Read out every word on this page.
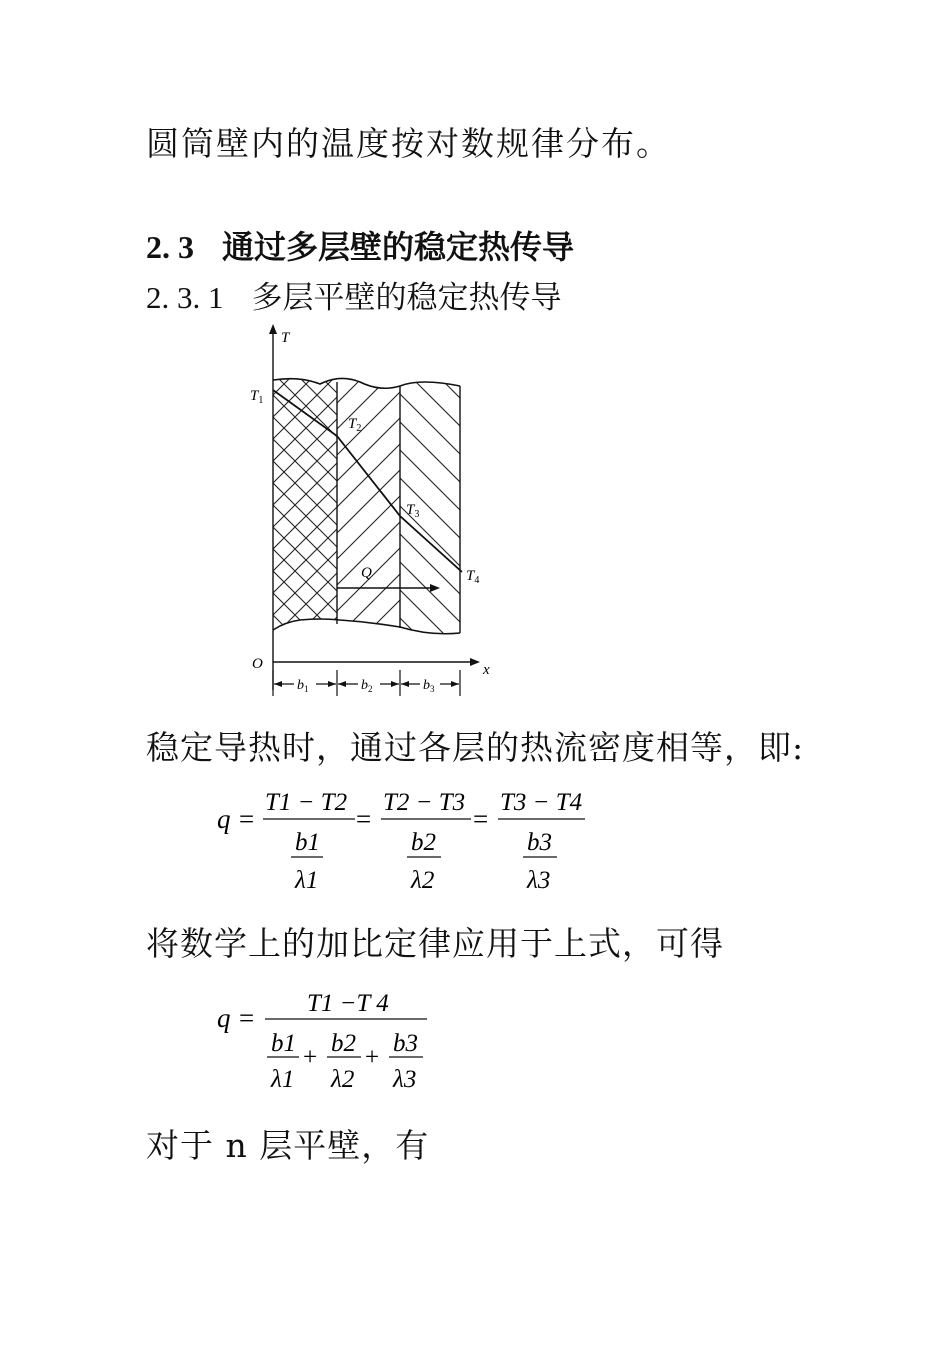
圆筒壁内的温度按对数规律分布。
2. 3 通过多层壁的稳定热传导
2. 3. 1 多层平壁的稳定热传导
T
x
O
$T_1$
$T_2$
$T_3$
$T_4$
Q
$b_1$	$b_2$	$b_3$
稳定导热时，通过各层的热流密度相等，即:
q =
T1 − T2
b1
λ1
=
T2 − T3
b2
λ2
=
T3 − T4
b3
λ3
将数学上的加比定律应用于上式，可得
q = T1 −T 4
b1
λ1
+
b2
λ2
+
b3
λ3
对于 n 层平壁，有
